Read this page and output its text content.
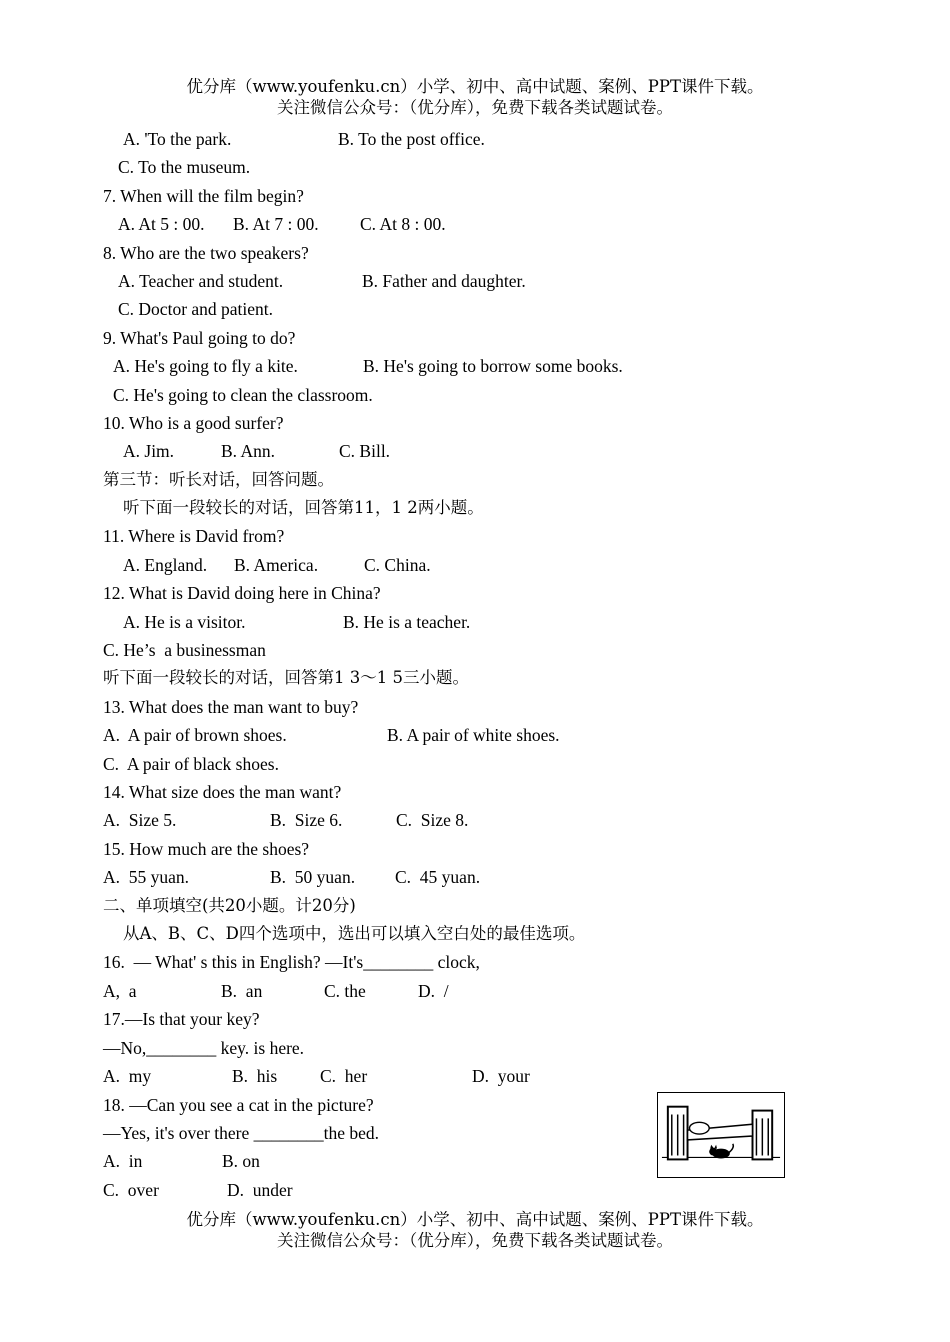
优分库（www.youfenku.cn）小学、初中、高中试题、案例、PPT课件下载。
关注微信公众号：（优分库），免费下载各类试题试卷。
A. 'To the park.	B. To the post office.
C. To the museum.
7. When will the film begin?
A. At 5 : 00. B. At 7 : 00. C. At 8 : 00.
8. Who are the two speakers?
A. Teacher and student.	B. Father and daughter.
C. Doctor and patient.
9. What's Paul going to do?
A. He's going to fly a kite.	B. He's going to borrow some books.
C. He's going to clean the classroom.
10. Who is a good surfer?
A. Jim.	B. Ann.	C. Bill.
第三节：听长对话，回答问题。
听下面一段较长的对话，回答第11，1 2两小题。
11. Where is David from?
A. England. B. America.	C. China.
12. What is David doing here in China?
A. He is a visitor.	B. He is a teacher.
C. He’s  a businessman
听下面一段较长的对话，回答第1 3～1 5三小题。
13. What does the man want to buy?
A.  A pair of brown shoes.	B. A pair of white shoes.
C.  A pair of black shoes.
14. What size does the man want?
A.  Size 5.	B.  Size 6.	C.  Size 8.
15. How much are the shoes?
A.  55 yuan.	B.  50 yuan. C.  45 yuan.
二、单项填空(共20小题。计20分)
从A、B、C、D四个选项中，选出可以填入空白处的最佳选项。
16.  — What' s this in English? —It's________ clock,
A,  a	B.  an	C. the	D.  /
17.—Is that your key?
—No,________ key. is here.
A.  my	B.  his C.  her	D.  your
18. —Can you see a cat in the picture?
—Yes, it's over there ________the bed.
A.  in	B. on
C.  over	D.  under
优分库（www.youfenku.cn）小学、初中、高中试题、案例、PPT课件下载。
关注微信公众号：（优分库），免费下载各类试题试卷。
